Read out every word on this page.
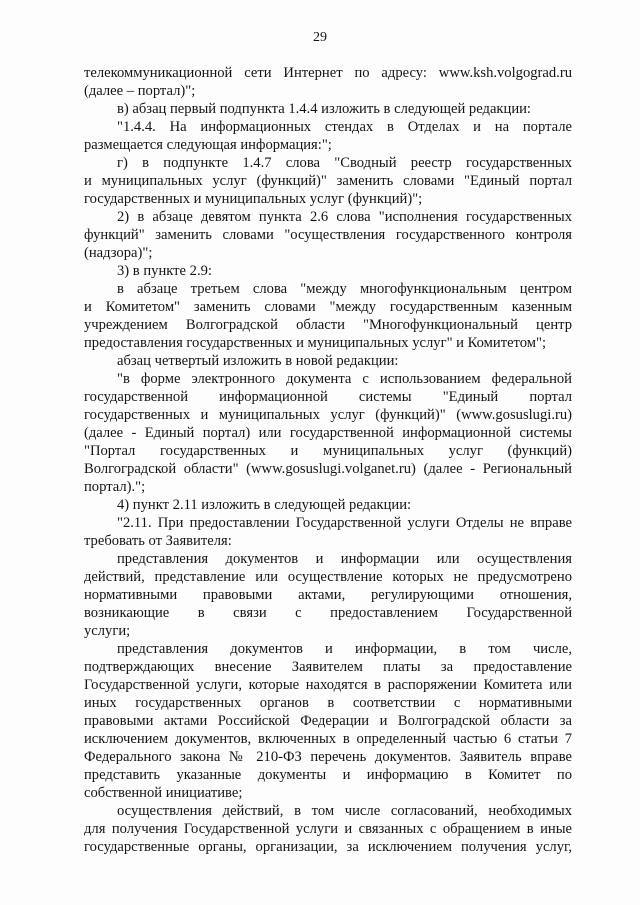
29
телекоммуникационной сети Интернет по адресу: www.ksh.volgograd.ru
(далее – портал)";
в) абзац первый подпункта 1.4.4 изложить в следующей редакции:
"1.4.4. На информационных стендах в Отделах и на портале
размещается следующая информация:";
г) в подпункте 1.4.7 слова "Сводный реестр государственных
и муниципальных услуг (функций)" заменить словами "Единый портал
государственных и муниципальных услуг (функций)";
2) в абзаце девятом пункта 2.6 слова "исполнения государственных
функций" заменить словами "осуществления государственного контроля
(надзора)";
3) в пункте 2.9:
в абзаце третьем слова "между многофункциональным центром
и Комитетом" заменить словами "между государственным казенным
учреждением Волгоградской области "Многофункциональный центр
предоставления государственных и муниципальных услуг" и Комитетом";
абзац четвертый изложить в новой редакции:
"в форме электронного документа с использованием федеральной
государственной информационной системы "Единый портал
государственных и муниципальных услуг (функций)" (www.gosuslugi.ru)
(далее - Единый портал) или государственной информационной системы
"Портал государственных и муниципальных услуг (функций)
Волгоградской области" (www.gosuslugi.volganet.ru) (далее - Региональный
портал).";
4) пункт 2.11 изложить в следующей редакции:
"2.11. При предоставлении Государственной услуги Отделы не вправе
требовать от Заявителя:
представления документов и информации или осуществления
действий, представление или осуществление которых не предусмотрено
нормативными правовыми актами, регулирующими отношения,
возникающие в связи с предоставлением Государственной
услуги;
представления документов и информации, в том числе,
подтверждающих внесение Заявителем платы за предоставление
Государственной услуги, которые находятся в распоряжении Комитета или
иных государственных органов в соответствии с нормативными
правовыми актами Российской Федерации и Волгоградской области за
исключением документов, включенных в определенный частью 6 статьи 7
Федерального закона № 210-ФЗ перечень документов. Заявитель вправе
представить указанные документы и информацию в Комитет по
собственной инициативе;
осуществления действий, в том числе согласований, необходимых
для получения Государственной услуги и связанных с обращением в иные
государственные органы, организации, за исключением получения услуг,
